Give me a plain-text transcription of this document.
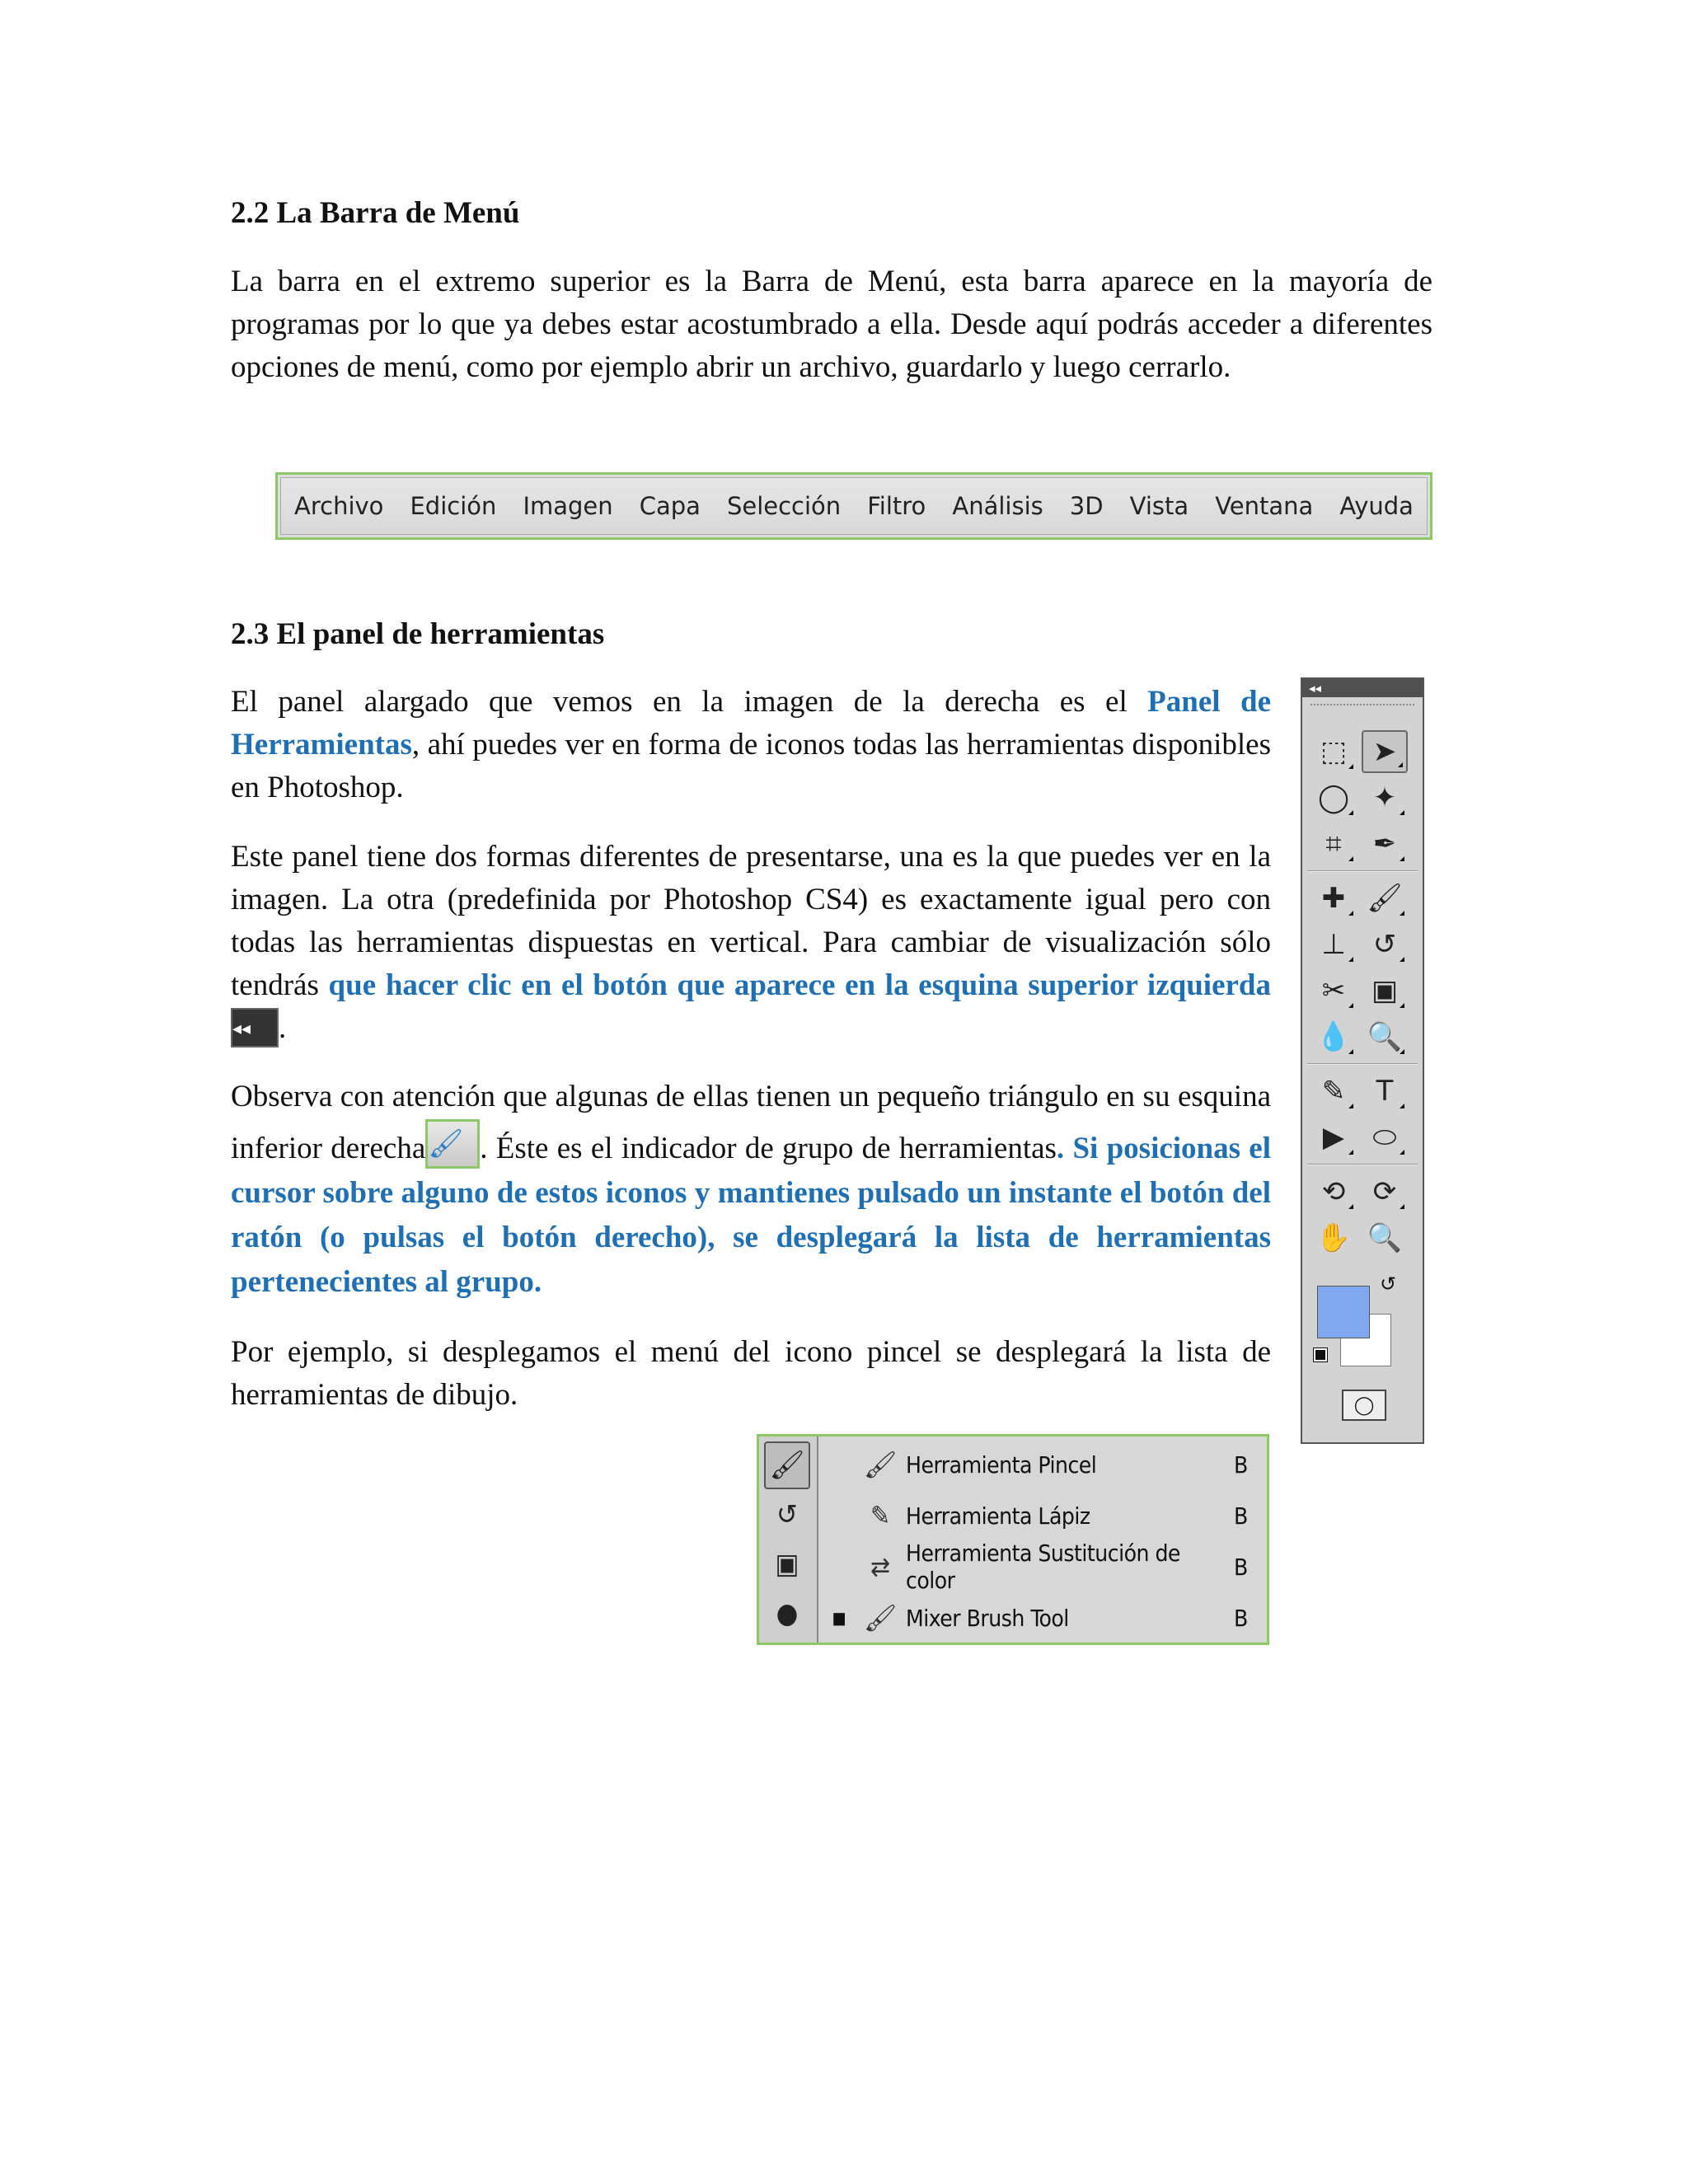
2.2 La Barra de Menú

La barra en el extremo superior es la Barra de Menú, esta barra aparece en la mayoría de programas por lo que ya debes estar acostumbrado a ella. Desde aquí podrás acceder a diferentes opciones de menú, como por ejemplo abrir un archivo, guardarlo y luego cerrarlo.

Archivo Edición Imagen Capa Selección Filtro Análisis 3D Vista Ventana Ayuda
2.3 El panel de herramientas

El panel alargado que vemos en la imagen de la derecha es el Panel de Herramientas, ahí puedes ver en forma de iconos todas las herramientas disponibles en Photoshop.

Este panel tiene dos formas diferentes de presentarse, una es la que puedes ver en la imagen. La otra (predefinida por Photoshop CS4) es exactamente igual pero con todas las herramientas dispuestas en vertical. Para cambiar de visualización sólo tendrás que hacer clic en el botón que aparece en la esquina superior izquierda◂◂ .

Observa con atención que algunas de ellas tienen un pequeño triángulo en su esquina inferior derecha🖌 . Éste es el indicador de grupo de herramientas. Si posicionas el cursor sobre alguno de estos iconos y mantienes pulsado un instante el botón del ratón (o pulsas el botón derecho), se desplegará la lista de herramientas pertenecientes al grupo.

Por ejemplo, si desplegamos el menú del icono pincel se desplegará la lista de herramientas de dibujo.

◂◂
⬚ ➤
◯ ✦
⌗	✒
✚ 🖌
⊥ ↺
✂ ▣
💧 🔍
✎	T
▶	⬭
⟲ ⟳
✋ 🔍
↺
◯
🖌
↺
▣
●
🖌 Herramienta Pincel	B
✎ Herramienta Lápiz	B
⇄ Herramienta Sustitución de color	B
■ 🖌 Mixer Brush Tool	B
